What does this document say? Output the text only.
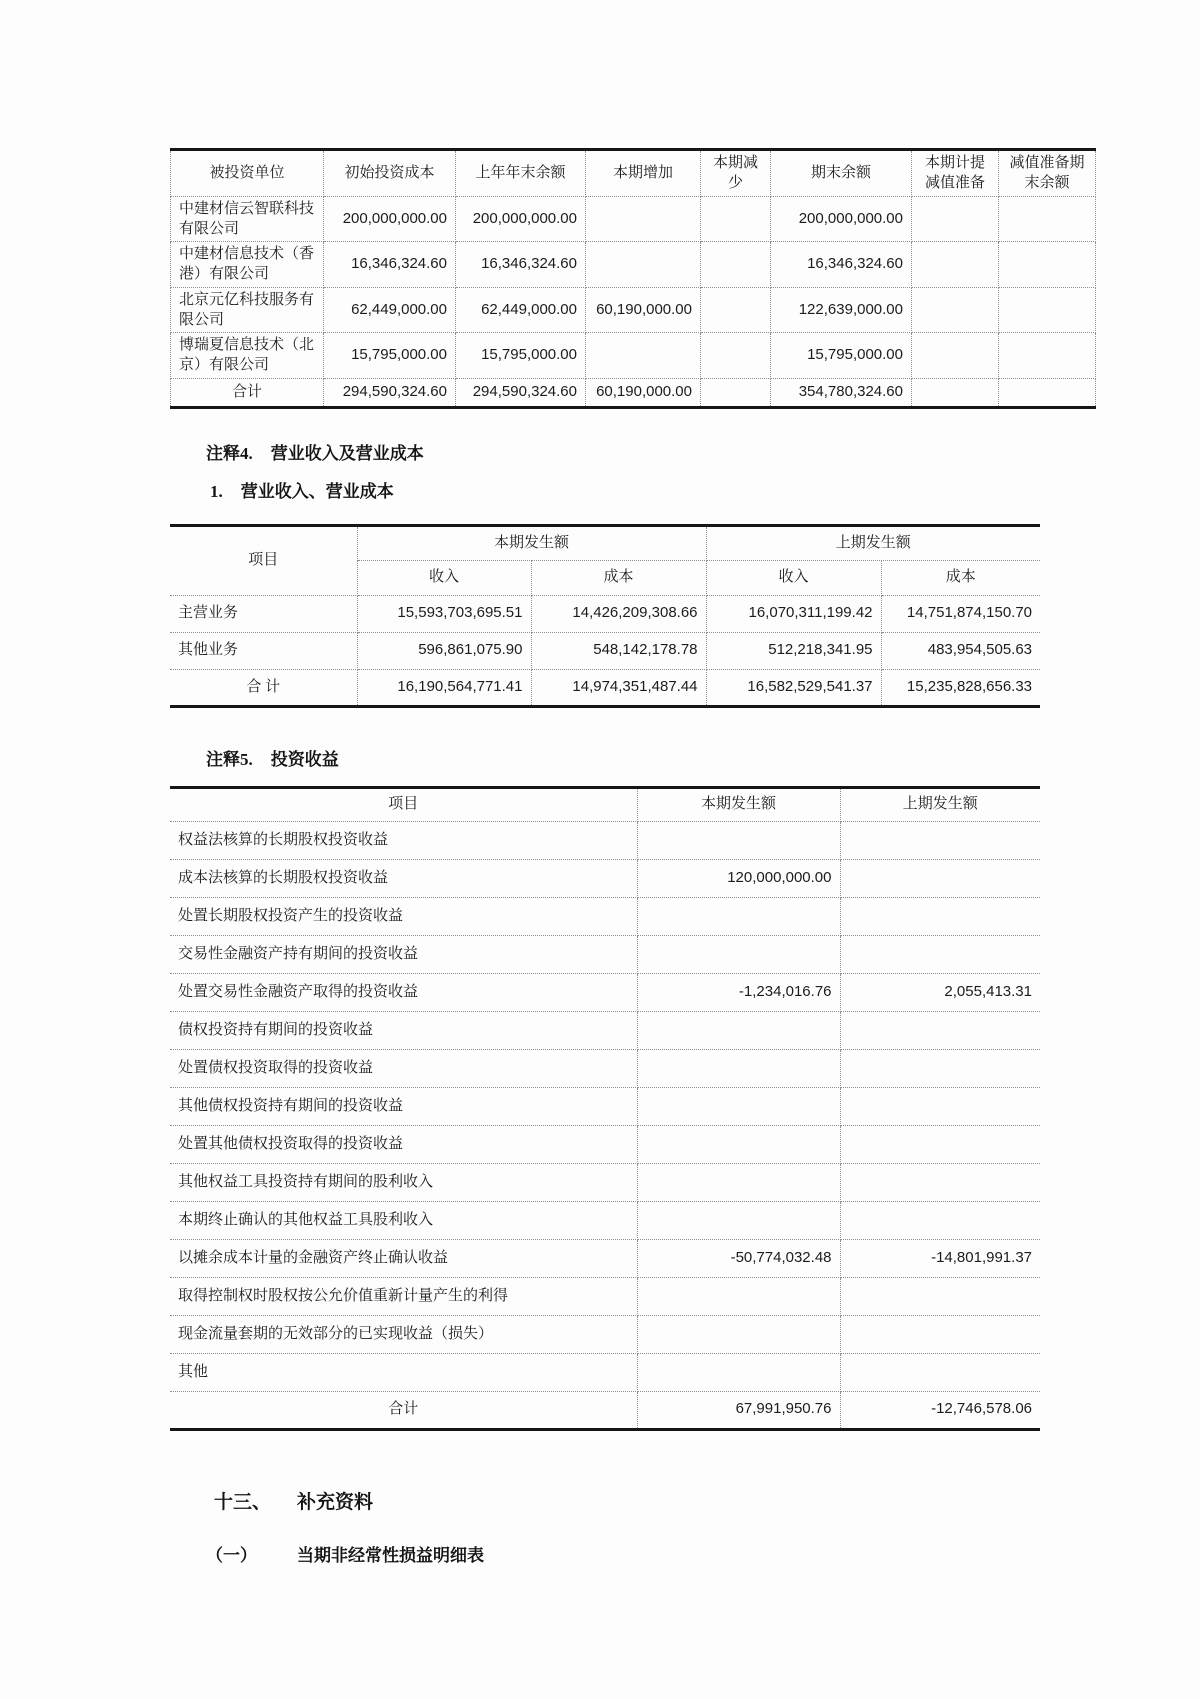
被投资单位	初始投资成本	上年年末余额	本期增加	本期减少	期末余额	本期计提减值准备	减值准备期末余额
中建材信云智联科技有限公司	200,000,000.00	200,000,000.00			200,000,000.00		
中建材信息技术（香港）有限公司	16,346,324.60	16,346,324.60			16,346,324.60		
北京元亿科技服务有限公司	62,449,000.00	62,449,000.00	60,190,000.00		122,639,000.00		
博瑞夏信息技术（北京）有限公司	15,795,000.00	15,795,000.00			15,795,000.00		
合计	294,590,324.60	294,590,324.60	60,190,000.00		354,780,324.60		
注释4. 营业收入及营业成本
1. 营业收入、营业成本
项目	本期发生额		上期发生额	
	收入	成本	收入	成本
主营业务	15,593,703,695.51	14,426,209,308.66	16,070,311,199.42	14,751,874,150.70
其他业务	596,861,075.90	548,142,178.78	512,218,341.95	483,954,505.63
合 计	16,190,564,771.41	14,974,351,487.44	16,582,529,541.37	15,235,828,656.33
注释5. 投资收益
项目	本期发生额	上期发生额
权益法核算的长期股权投资收益		
成本法核算的长期股权投资收益	120,000,000.00	
处置长期股权投资产生的投资收益		
交易性金融资产持有期间的投资收益		
处置交易性金融资产取得的投资收益	-1,234,016.76	2,055,413.31
债权投资持有期间的投资收益		
处置债权投资取得的投资收益		
其他债权投资持有期间的投资收益		
处置其他债权投资取得的投资收益		
其他权益工具投资持有期间的股利收入		
本期终止确认的其他权益工具股利收入		
以摊余成本计量的金融资产终止确认收益	-50,774,032.48	-14,801,991.37
取得控制权时股权按公允价值重新计量产生的利得		
现金流量套期的无效部分的已实现收益（损失）		
其他		
合计	67,991,950.76	-12,746,578.06
十三、 补充资料
（一） 当期非经常性损益明细表
